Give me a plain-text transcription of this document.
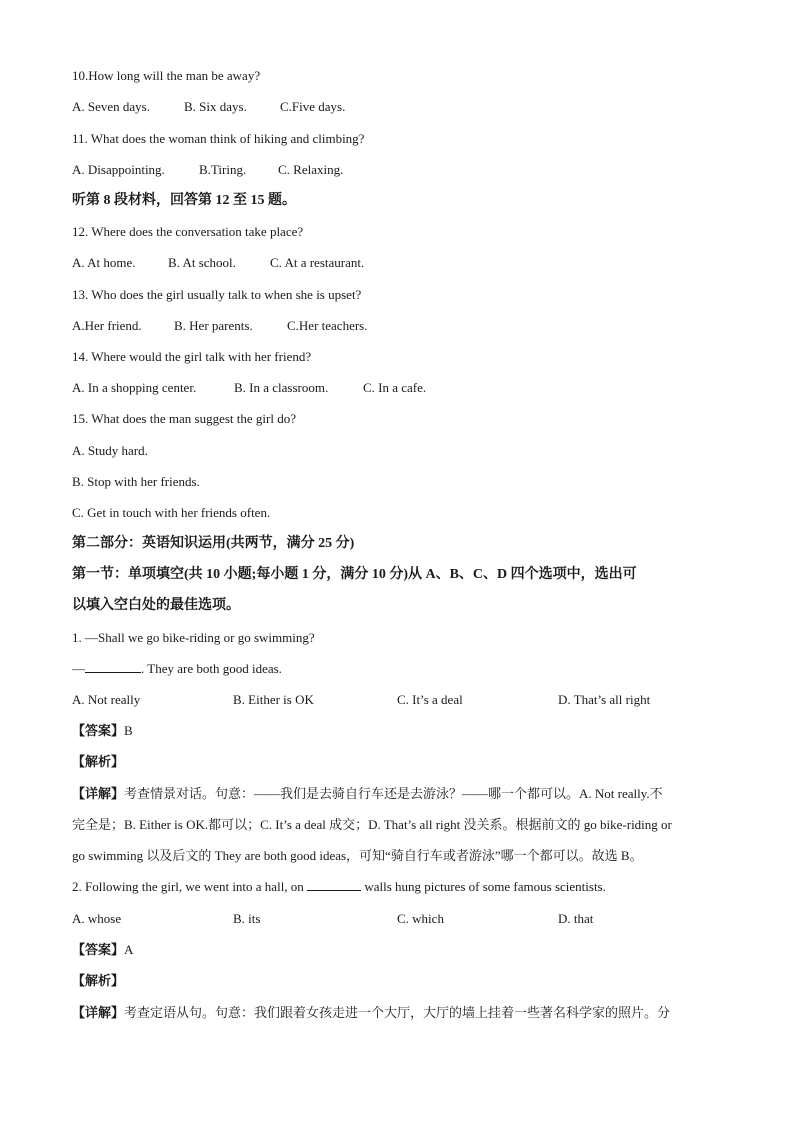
10.How long will the man be away?
A. Seven days.	B. Six days.	C.Five days.
11. What does the woman think of hiking and climbing?
A. Disappointing.	B.Tiring. C. Relaxing.
听第 8 段材料，回答第 12 至 15 题。
12. Where does the conversation take place?
A. At home. B. At school.	C. At a restaurant.
13. Who does the girl usually talk to when she is upset?
A.Her friend. B. Her parents.	C.Her teachers.
14. Where would the girl talk with her friend?
A. In a shopping center.	B. In a classroom.	C. In a cafe.
15. What does the man suggest the girl do?
A. Study hard.
B. Stop with her friends.
C. Get in touch with her friends often.
第二部分：英语知识运用(共两节，满分 25 分)
第一节：单项填空(共 10 小题;每小题 1 分，满分 10 分)从 A、B、C、D 四个选项中，选出可
以填入空白处的最佳选项。
1. —Shall we go bike-riding or go swimming?
—	. They are both good ideas.
A. Not really	B. Either is OK	C. It’s a deal	D. That’s all right
【答案】B
【解析】
【详解】考查情景对话。句意：——我们是去骑自行车还是去游泳？——哪一个都可以。A. Not really.不
完全是；B. Either is OK.都可以；C. It’s a deal 成交；D. That’s all right 没关系。根据前文的 go bike-riding or
go swimming 以及后文的 They are both good ideas，可知“骑自行车或者游泳”哪一个都可以。故选 B。
2. Following the girl, we went into a hall, on	walls hung pictures of some famous scientists.
A. whose	B. its	C. which	D. that
【答案】A
【解析】
【详解】考查定语从句。句意：我们跟着女孩走进一个大厅，大厅的墙上挂着一些著名科学家的照片。分
